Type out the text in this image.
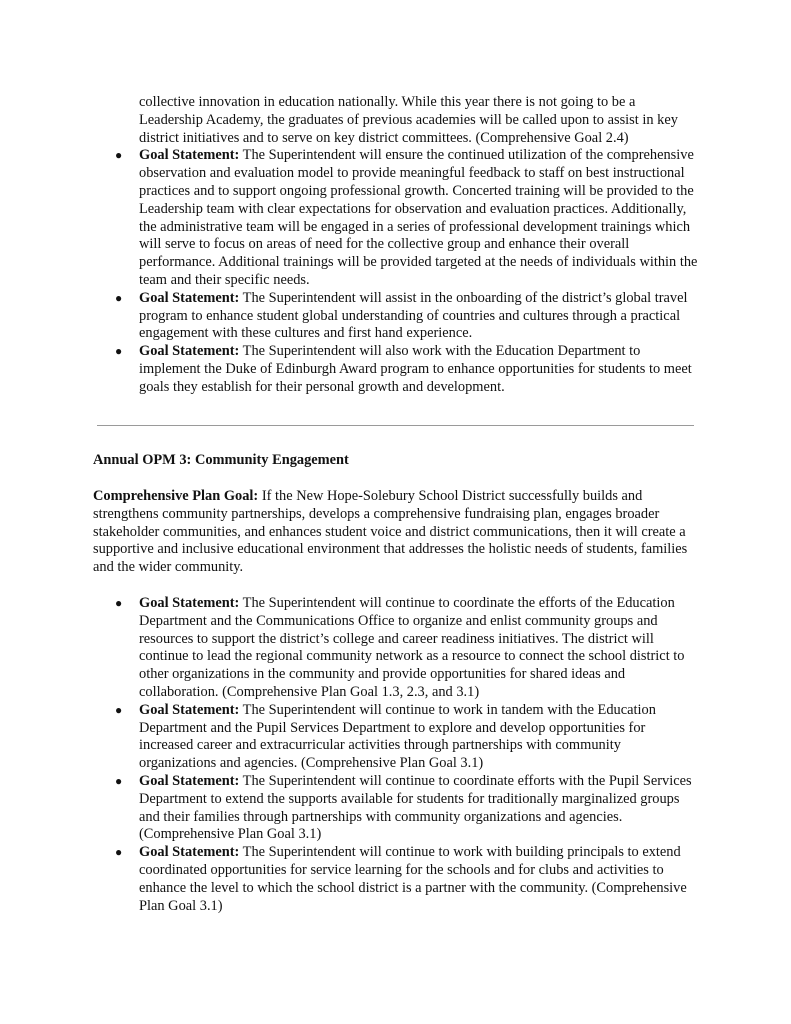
collective innovation in education nationally. While this year there is not going to be a Leadership Academy, the graduates of previous academies will be called upon to assist in key district initiatives and to serve on key district committees. (Comprehensive Goal 2.4)

● Goal Statement: The Superintendent will ensure the continued utilization of the comprehensive observation and evaluation model to provide meaningful feedback to staff on best instructional practices and to support ongoing professional growth. Concerted training will be provided to the Leadership team with clear expectations for observation and evaluation practices. Additionally, the administrative team will be engaged in a series of professional development trainings which will serve to focus on areas of need for the collective group and enhance their overall performance. Additional trainings will be provided targeted at the needs of individuals within the team and their specific needs.
● Goal Statement: The Superintendent will assist in the onboarding of the district’s global travel program to enhance student global understanding of countries and cultures through a practical engagement with these cultures and first hand experience.
● Goal Statement: The Superintendent will also work with the Education Department to implement the Duke of Edinburgh Award program to enhance opportunities for students to meet goals they establish for their personal growth and development.
Annual OPM 3: Community Engagement
Comprehensive Plan Goal: If the New Hope-Solebury School District successfully builds and strengthens community partnerships, develops a comprehensive fundraising plan, engages broader stakeholder communities, and enhances student voice and district communications, then it will create a supportive and inclusive educational environment that addresses the holistic needs of students, families and the wider community.
● Goal Statement: The Superintendent will continue to coordinate the efforts of the Education Department and the Communications Office to organize and enlist community groups and resources to support the district’s college and career readiness initiatives. The district will continue to lead the regional community network as a resource to connect the school district to other organizations in the community and provide opportunities for shared ideas and collaboration. (Comprehensive Plan Goal 1.3, 2.3, and 3.1)
● Goal Statement: The Superintendent will continue to work in tandem with the Education Department and the Pupil Services Department to explore and develop opportunities for increased career and extracurricular activities through partnerships with community organizations and agencies. (Comprehensive Plan Goal 3.1)
● Goal Statement: The Superintendent will continue to coordinate efforts with the Pupil Services Department to extend the supports available for students for traditionally marginalized groups and their families through partnerships with community organizations and agencies. (Comprehensive Plan Goal 3.1)
● Goal Statement: The Superintendent will continue to work with building principals to extend coordinated opportunities for service learning for the schools and for clubs and activities to enhance the level to which the school district is a partner with the community. (Comprehensive Plan Goal 3.1)
